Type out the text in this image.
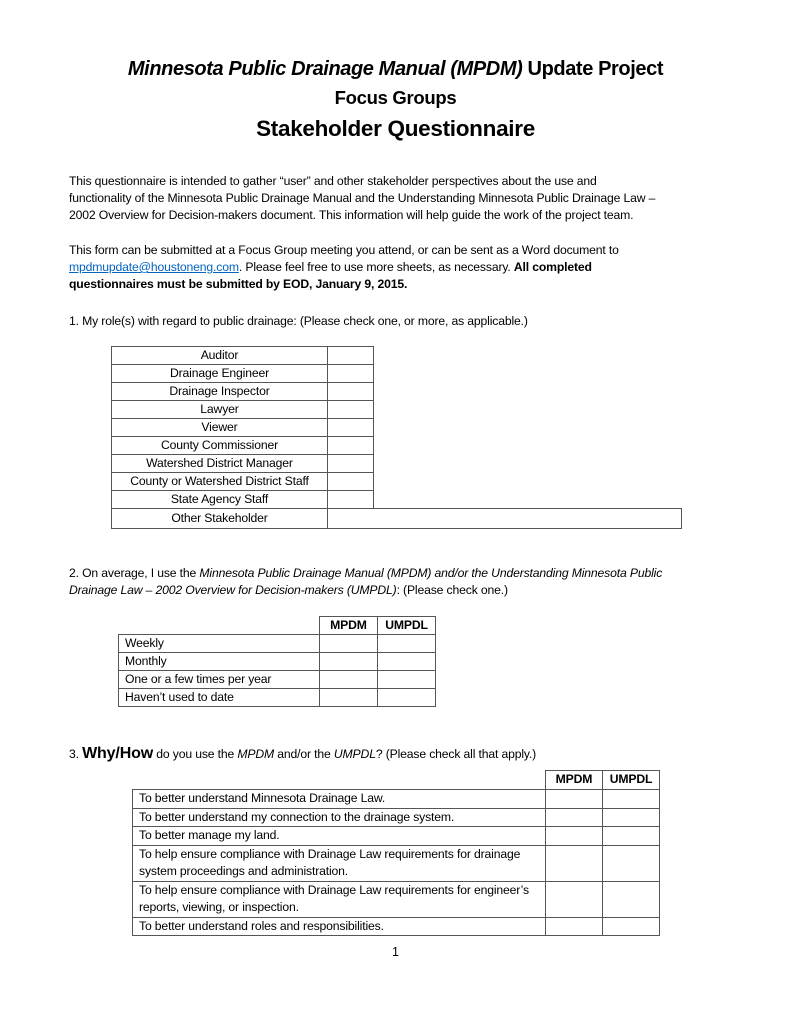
Minnesota Public Drainage Manual (MPDM) Update Project
Focus Groups
Stakeholder Questionnaire
This questionnaire is intended to gather “user” and other stakeholder perspectives about the use and
functionality of the Minnesota Public Drainage Manual and the Understanding Minnesota Public Drainage Law –
2002 Overview for Decision-makers document. This information will help guide the work of the project team.
This form can be submitted at a Focus Group meeting you attend, or can be sent as a Word document to
mpdmupdate@houstoneng.com. Please feel free to use more sheets, as necessary. All completed
questionnaires must be submitted by EOD, January 9, 2015.
1. My role(s) with regard to public drainage: (Please check one, or more, as applicable.)
Auditor	
Drainage Engineer	
Drainage Inspector	
Lawyer	
Viewer	
County Commissioner	
Watershed District Manager	
County or Watershed District Staff	
State Agency Staff	
Other Stakeholder	
2. On average, I use the Minnesota Public Drainage Manual (MPDM) and/or the Understanding Minnesota Public
Drainage Law – 2002 Overview for Decision-makers (UMPDL): (Please check one.)
	MPDM	UMPDL
Weekly		
Monthly		
One or a few times per year		
Haven’t used to date		
3. Why/How do you use the MPDM and/or the UMPDL? (Please check all that apply.)
	MPDM	UMPDL
To better understand Minnesota Drainage Law.		
To better understand my connection to the drainage system.		
To better manage my land.		
To help ensure compliance with Drainage Law requirements for drainage system proceedings and administration.		
To help ensure compliance with Drainage Law requirements for engineer’s reports, viewing, or inspection.		
To better understand roles and responsibilities.		
1
